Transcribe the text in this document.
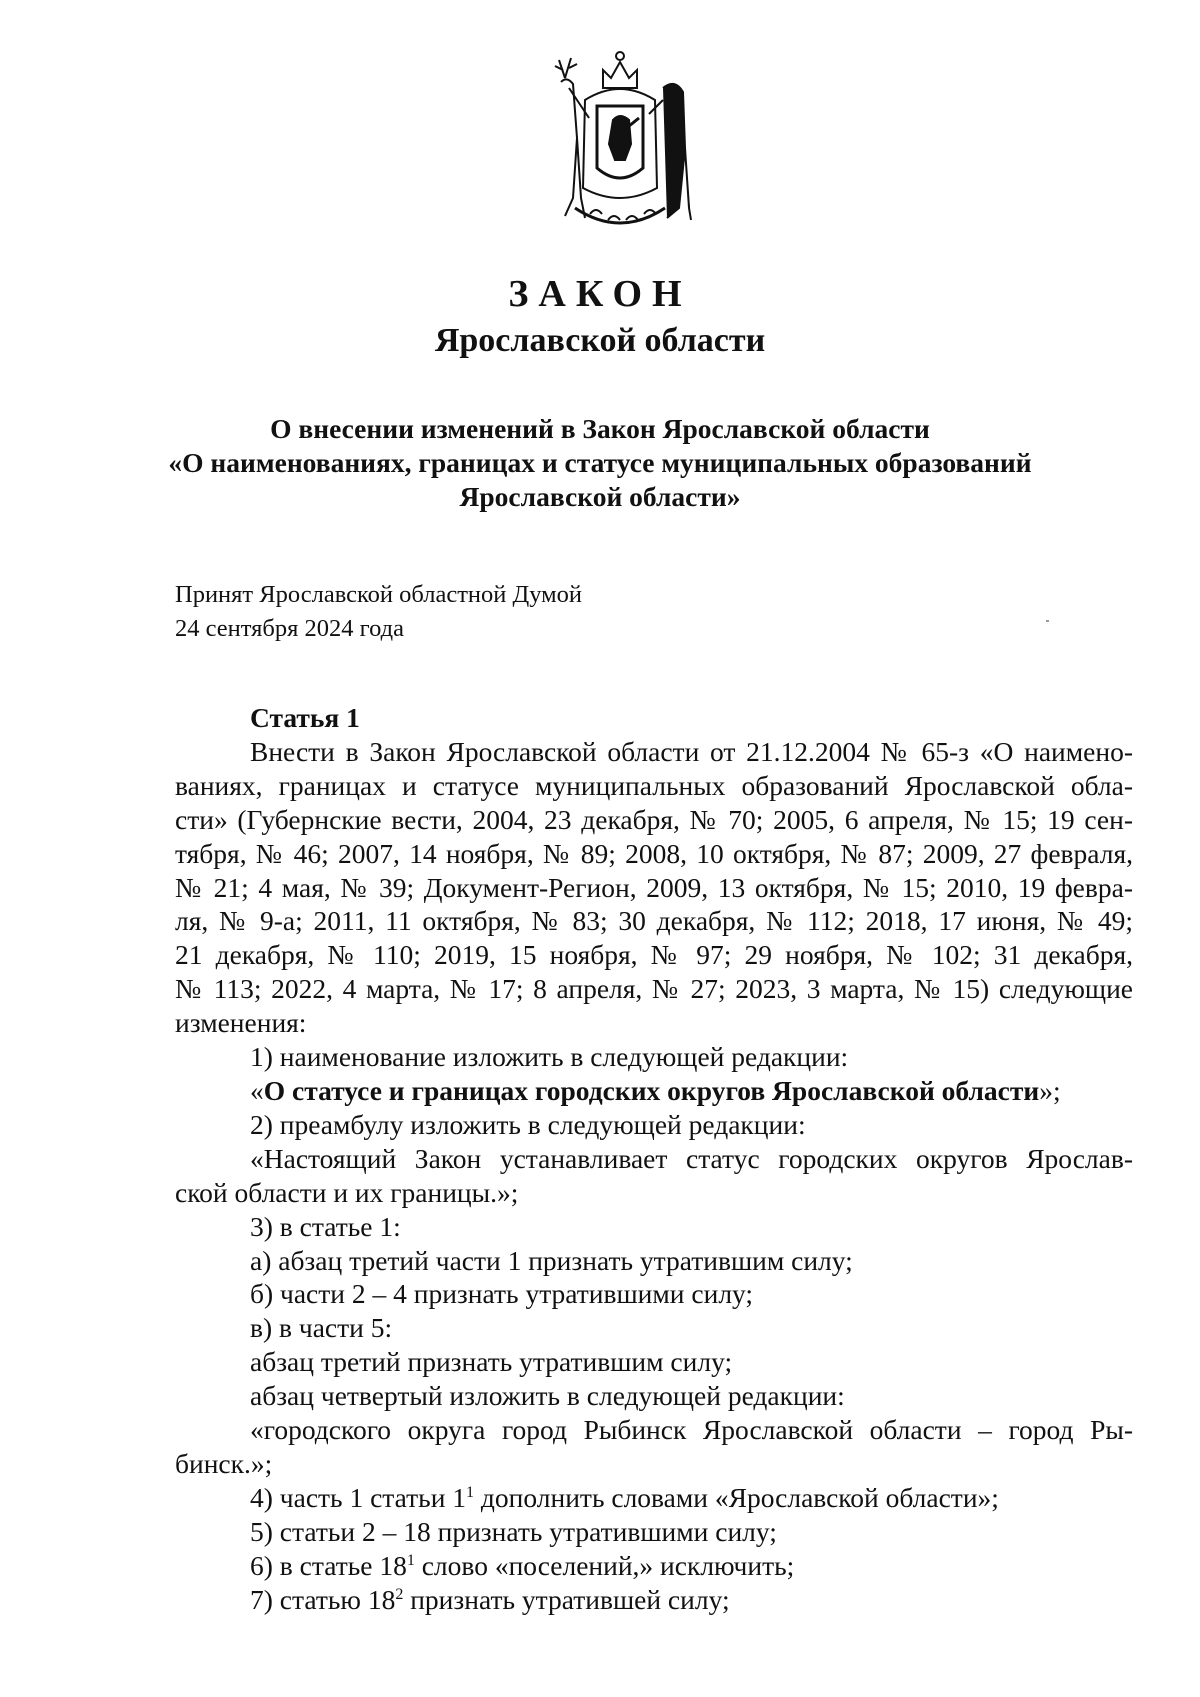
ЗАКОН
Ярославской области
О внесении изменений в Закон Ярославской области
«О наименованиях, границах и статусе муниципальных образований
Ярославской области»
Принят Ярославской областной Думой
24 сентября 2024 года
Статья 1
Внести в Закон Ярославской области от 21.12.2004 № 65-з «О наимено-
ваниях, границах и статусе муниципальных образований Ярославской обла-
сти» (Губернские вести, 2004, 23 декабря, № 70; 2005, 6 апреля, № 15; 19 сен-
тября, № 46; 2007, 14 ноября, № 89; 2008, 10 октября, № 87; 2009, 27 февраля,
№ 21; 4 мая, № 39; Документ-Регион, 2009, 13 октября, № 15; 2010, 19 февра-
ля, № 9-а; 2011, 11 октября, № 83; 30 декабря, № 112; 2018, 17 июня, № 49;
21 декабря, № 110; 2019, 15 ноября, № 97; 29 ноября, № 102; 31 декабря,
№ 113; 2022, 4 марта, № 17; 8 апреля, № 27; 2023, 3 марта, № 15) следующие
изменения:
1) наименование изложить в следующей редакции:
«О статусе и границах городских округов Ярославской области»;
2) преамбулу изложить в следующей редакции:
«Настоящий Закон устанавливает статус городских округов Ярослав-
ской области и их границы.»;
3) в статье 1:
а) абзац третий части 1 признать утратившим силу;
б) части 2 – 4 признать утратившими силу;
в) в части 5:
абзац третий признать утратившим силу;
абзац четвертый изложить в следующей редакции:
«городского округа город Рыбинск Ярославской области – город Ры-
бинск.»;
4) часть 1 статьи $1^1$ дополнить словами «Ярославской области»;
5) статьи 2 – 18 признать утратившими силу;
6) в статье $18^1$ слово «поселений,» исключить;
7) статью $18^2$ признать утратившей силу;
